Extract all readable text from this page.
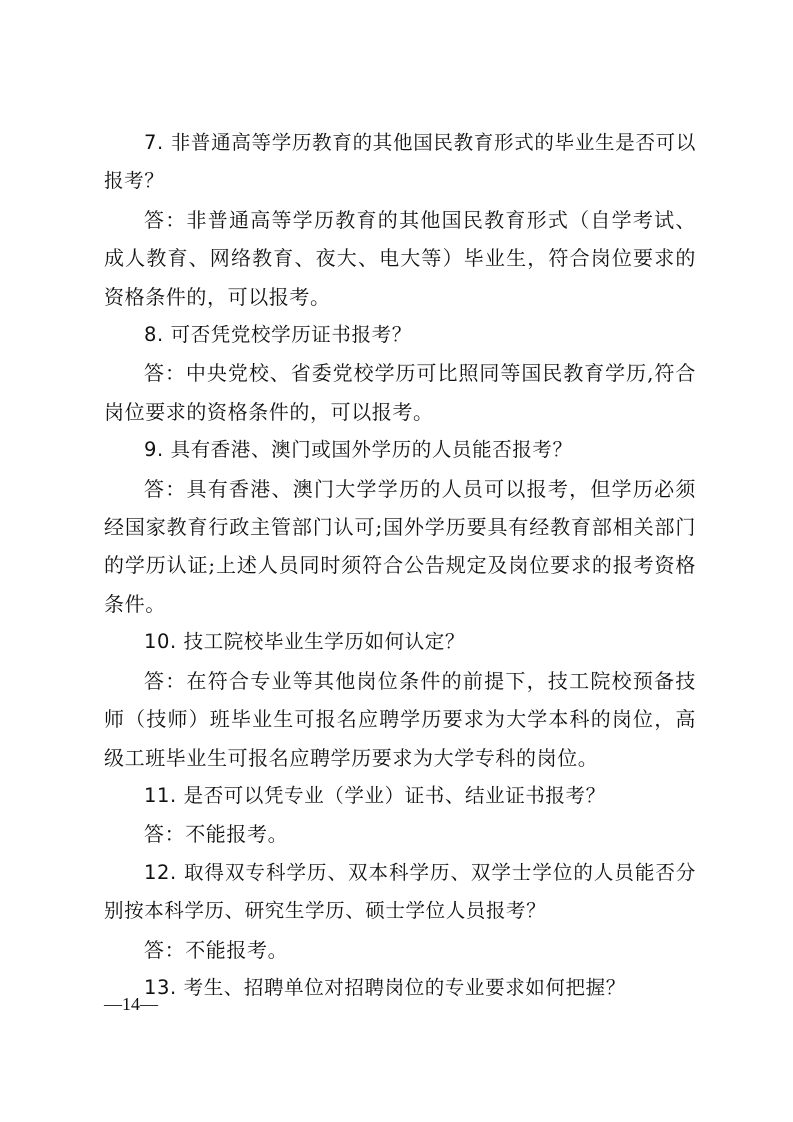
7. 非普通高等学历教育的其他国民教育形式的毕业生是否可以报考？

答：非普通高等学历教育的其他国民教育形式（自学考试、成人教育、网络教育、夜大、电大等）毕业生，符合岗位要求的资格条件的，可以报考。

8. 可否凭党校学历证书报考？

答：中央党校、省委党校学历可比照同等国民教育学历,符合岗位要求的资格条件的，可以报考。

9. 具有香港、澳门或国外学历的人员能否报考？

答：具有香港、澳门大学学历的人员可以报考，但学历必须经国家教育行政主管部门认可;国外学历要具有经教育部相关部门的学历认证;上述人员同时须符合公告规定及岗位要求的报考资格条件。

10. 技工院校毕业生学历如何认定？

答：在符合专业等其他岗位条件的前提下，技工院校预备技师（技师）班毕业生可报名应聘学历要求为大学本科的岗位，高级工班毕业生可报名应聘学历要求为大学专科的岗位。

11. 是否可以凭专业（学业）证书、结业证书报考？

答：不能报考。

12. 取得双专科学历、双本科学历、双学士学位的人员能否分别按本科学历、研究生学历、硕士学位人员报考？

答：不能报考。

13. 考生、招聘单位对招聘岗位的专业要求如何把握？

—14—
